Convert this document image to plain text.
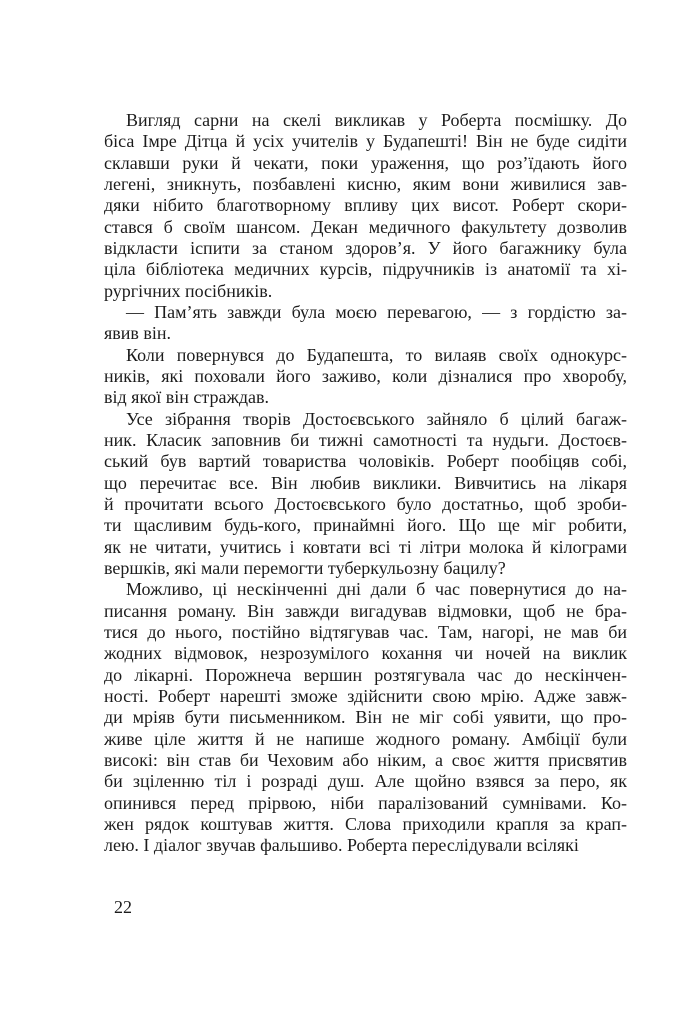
Вигляд сарни на скелі викликав у Роберта посмішку. До
біса Імре Дітца й усіх учителів у Будапешті! Він не буде сидіти
склавши руки й чекати, поки ураження, що роз’їдають його
легені, зникнуть, позбавлені кисню, яким вони живилися зав-
дяки нібито благотворному впливу цих висот. Роберт скори-
стався б своїм шансом. Декан медичного факультету дозволив
відкласти іспити за станом здоров’я. У його багажнику була
ціла бібліотека медичних курсів, підручників із анатомії та хі-
рургічних посібників.
— Пам’ять завжди була моєю перевагою, — з гордістю за-
явив він.
Коли повернувся до Будапешта, то вилаяв своїх однокурс-
ників, які поховали його заживо, коли дізналися про хворобу,
від якої він страждав.
Усе зібрання творів Достоєвського зайняло б цілий багаж-
ник. Класик заповнив би тижні самотності та нудьги. Достоєв-
ський був вартий товариства чоловіків. Роберт пообіцяв собі,
що перечитає все. Він любив виклики. Вивчитись на лікаря
й прочитати всього Достоєвського було достатньо, щоб зроби-
ти щасливим будь-кого, принаймні його. Що ще міг робити,
як не читати, учитись і ковтати всі ті літри молока й кілограми
вершків, які мали перемогти туберкульозну бацилу?
Можливо, ці нескінченні дні дали б час повернутися до на-
писання роману. Він завжди вигадував відмовки, щоб не бра-
тися до нього, постійно відтягував час. Там, нагорі, не мав би
жодних відмовок, незрозумілого кохання чи ночей на виклик
до лікарні. Порожнеча вершин розтягувала час до нескінчен-
ності. Роберт нарешті зможе здійснити свою мрію. Адже завж-
ди мріяв бути письменником. Він не міг собі уявити, що про-
живе ціле життя й не напише жодного роману. Амбіції були
високі: він став би Чеховим або ніким, а своє життя присвятив
би зціленню тіл і розраді душ. Але щойно взявся за перо, як
опинився перед прірвою, ніби паралізований сумнівами. Ко-
жен рядок коштував життя. Слова приходили крапля за крап-
лею. І діалог звучав фальшиво. Роберта переслідували всілякі
22
